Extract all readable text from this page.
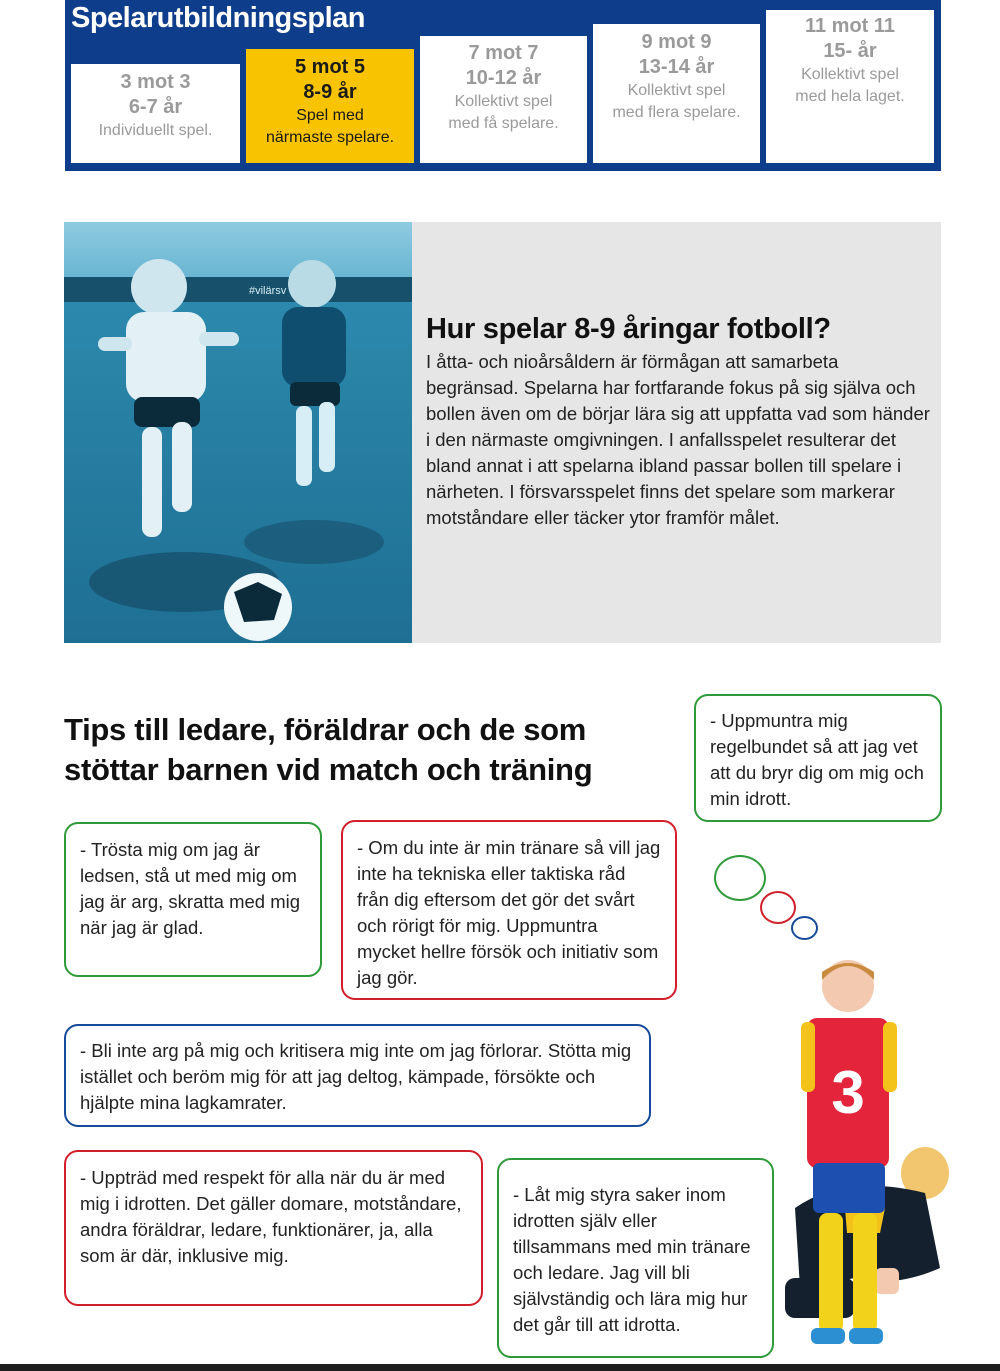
Spelarutbildningsplan
3 mot 3
6-7 år
Individuellt spel.
5 mot 5
8-9 år
Spel med
närmaste spelare.
7 mot 7
10-12 år
Kollektivt spel
med få spelare.
9 mot 9
13-14 år
Kollektivt spel
med flera spelare.
11 mot 11
15- år
Kollektivt spel
med hela laget.
#vilärsv
Hur spelar 8-9 åringar fotboll?

I åtta- och nioårsåldern är förmågan att samarbeta begränsad. Spelarna har fortfarande fokus på sig själva och bollen även om de börjar lära sig att uppfatta vad som händer i den närmaste omgivningen. I anfallsspelet resulterar det bland annat i att spelarna ibland passar bollen till spelare i närheten. I försvarsspelet finns det spelare som markerar motståndare eller täcker ytor framför målet.

Tips till ledare, föräldrar och de som stöttar barnen vid match och träning
- Uppmuntra mig regelbundet så att jag vet att du bryr dig om mig och min idrott.
- Trösta mig om jag är ledsen, stå ut med mig om jag är arg, skratta med mig när jag är glad.
- Om du inte är min tränare så vill jag inte ha tekniska eller taktiska råd från dig eftersom det gör det svårt och rörigt för mig. Uppmuntra mycket hellre försök och initiativ som jag gör.
- Bli inte arg på mig och kritisera mig inte om jag förlorar. Stötta mig istället och beröm mig för att jag deltog, kämpade, försökte och hjälpte mina lagkamrater.
- Uppträd med respekt för alla när du är med mig i idrotten. Det gäller domare, motståndare, andra föräldrar, ledare, funktionärer, ja, alla som är där, inklusive mig.
- Låt mig styra saker inom idrotten själv eller tillsammans med min tränare och ledare. Jag vill bli självständig och lära mig hur det går till att idrotta.
3
